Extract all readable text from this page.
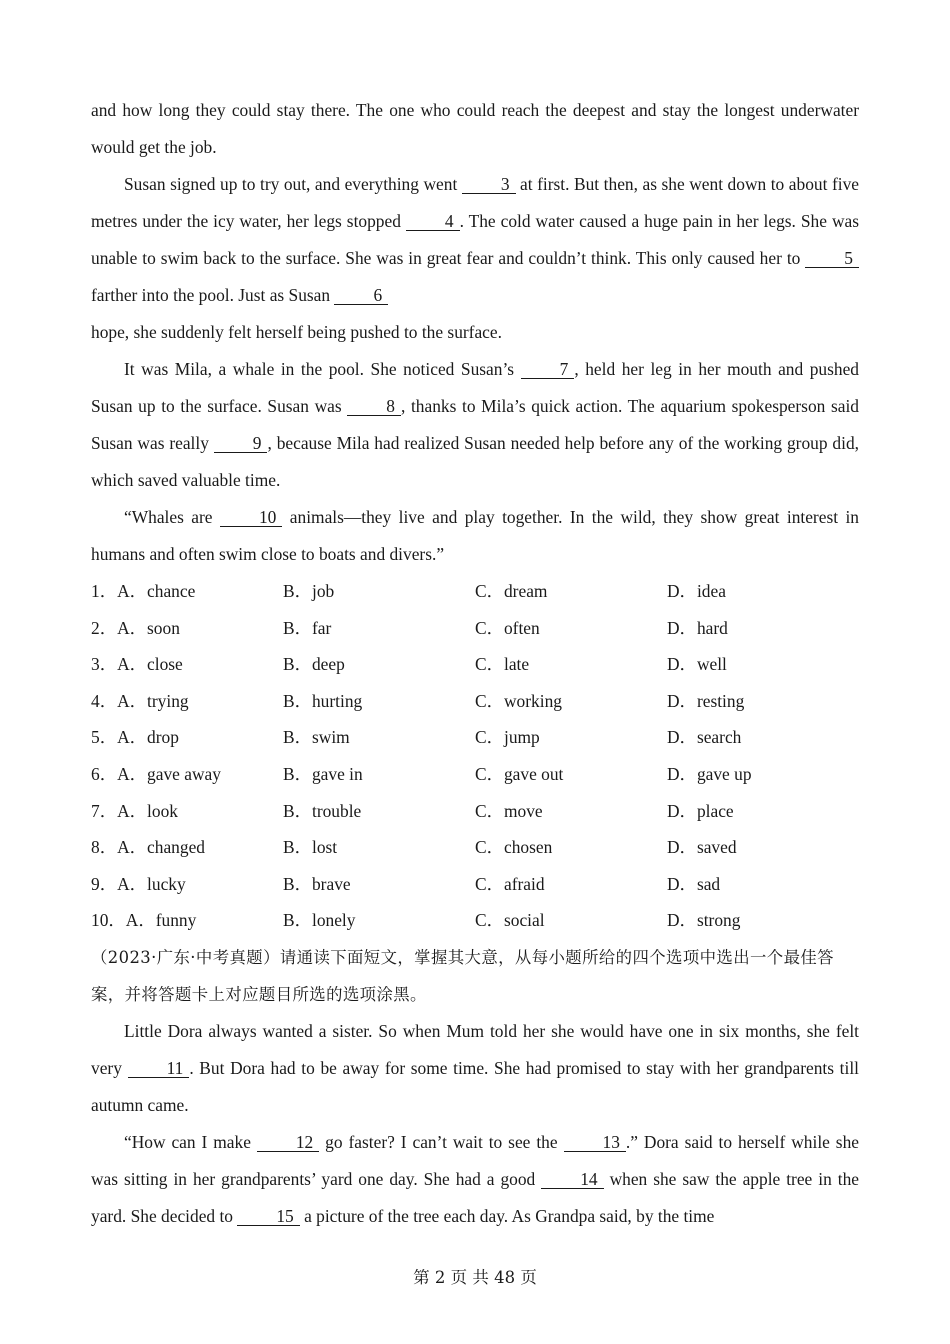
and how long they could stay there. The one who could reach the deepest and stay the longest underwater would get the job.

Susan signed up to try out, and everything went 3 at first. But then, as she went down to about five metres under the icy water, her legs stopped 4 . The cold water caused a huge pain in her legs. She was unable to swim back to the surface. She was in great fear and couldn’t think. This only caused her to 5 farther into the pool. Just as Susan 6
hope, she suddenly felt herself being pushed to the surface.

It was Mila, a whale in the pool. She noticed Susan’s 7 , held her leg in her mouth and pushed Susan up to the surface. Susan was 8 , thanks to Mila’s quick action. The aquarium spokesperson said Susan was really 9 , because Mila had realized Susan needed help before any of the working group did, which saved valuable time.

“Whales are 10 animals—they live and play together. In the wild, they show great interest in humans and often swim close to boats and divers.”

1．A．chance	B．job	C．dream	D．idea
2．A．soon	B．far	C．often	D．hard
3．A．close	B．deep	C．late	D．well
4．A．trying	B．hurting	C．working	D．resting
5．A．drop	B．swim	C．jump	D．search
6．A．gave away	B．gave in	C．gave out	D．gave up
7．A．look	B．trouble	C．move	D．place
8．A．changed	B．lost	C．chosen	D．saved
9．A．lucky	B．brave	C．afraid	D．sad
10．A．funny	B．lonely	C．social	D．strong

（2023·广东·中考真题）请通读下面短文，掌握其大意，从每小题所给的四个选项中选出一个最佳答案，并将答题卡上对应题目所选的选项涂黑。

Little Dora always wanted a sister. So when Mum told her she would have one in six months, she felt very 11 . But Dora had to be away for some time. She had promised to stay with her grandparents till autumn came.

“How can I make 12 go faster? I can’t wait to see the 13 .” Dora said to herself while she was sitting in her grandparents’ yard one day. She had a good 14 when she saw the apple tree in the yard. She decided to 15 a picture of the tree each day. As Grandpa said, by the time

第 2 页 共 48 页
